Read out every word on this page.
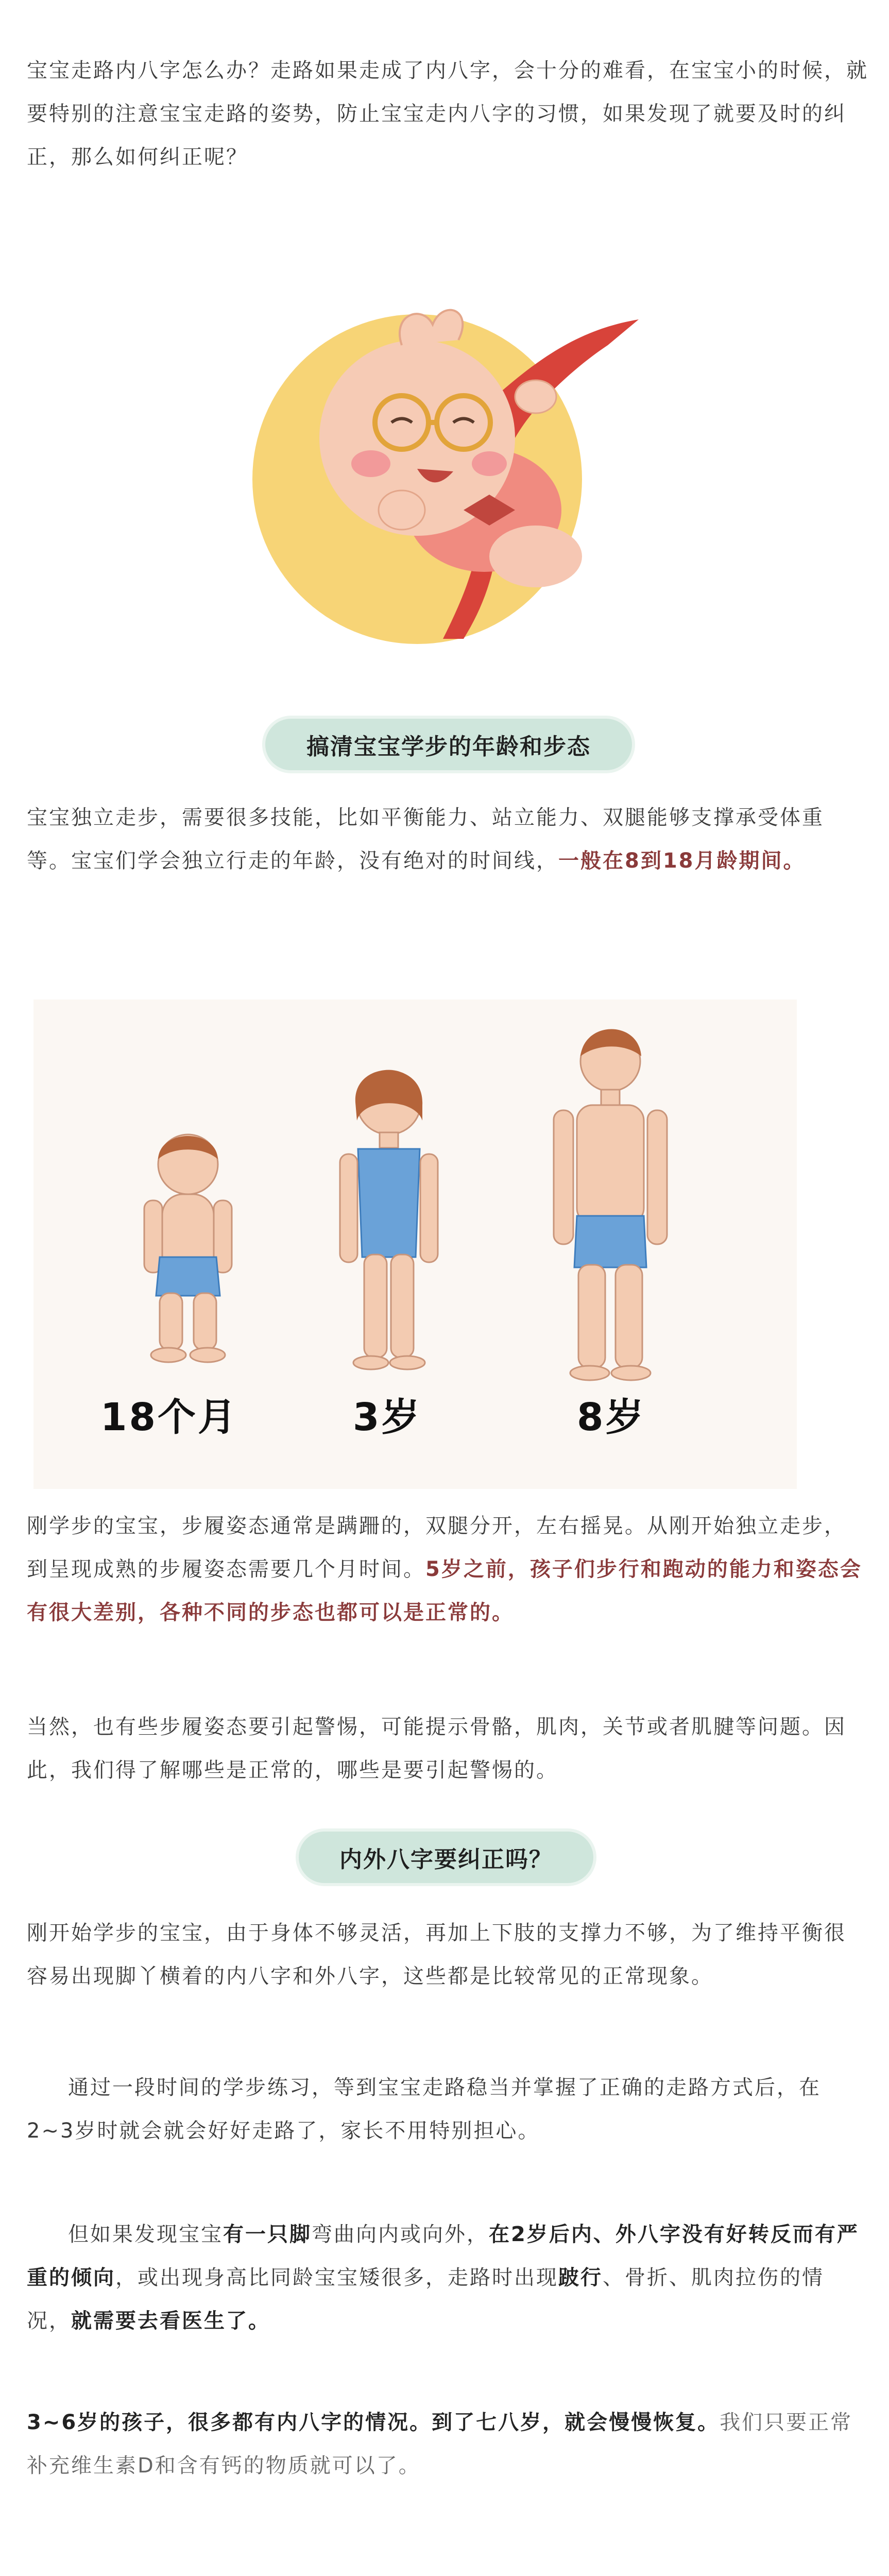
宝宝走路内八字怎么办？走路如果走成了内八字，会十分的难看，在宝宝小的时候，就要特别的注意宝宝走路的姿势，防止宝宝走内八字的习惯，如果发现了就要及时的纠正，那么如何纠正呢？

搞清宝宝学步的年龄和步态

宝宝独立走步，需要很多技能，比如平衡能力、站立能力、双腿能够支撑承受体重等。宝宝们学会独立行走的年龄，没有绝对的时间线，一般在8到18月龄期间。

18个月	3岁	8岁

刚学步的宝宝，步履姿态通常是蹒跚的，双腿分开，左右摇晃。从刚开始独立走步，到呈现成熟的步履姿态需要几个月时间。5岁之前，孩子们步行和跑动的能力和姿态会有很大差别，各种不同的步态也都可以是正常的。

当然，也有些步履姿态要引起警惕，可能提示骨骼，肌肉，关节或者肌腱等问题。因此，我们得了解哪些是正常的，哪些是要引起警惕的。

内外八字要纠正吗？

刚开始学步的宝宝，由于身体不够灵活，再加上下肢的支撑力不够，为了维持平衡很容易出现脚丫横着的内八字和外八字，这些都是比较常见的正常现象。

通过一段时间的学步练习，等到宝宝走路稳当并掌握了正确的走路方式后，在2~3岁时就会就会好好走路了，家长不用特别担心。

但如果发现宝宝有一只脚弯曲向内或向外，在2岁后内、外八字没有好转反而有严重的倾向，或出现身高比同龄宝宝矮很多，走路时出现跛行、骨折、肌肉拉伤的情况，就需要去看医生了。

3~6岁的孩子，很多都有内八字的情况。到了七八岁，就会慢慢恢复。我们只要正常补充维生素D和含有钙的物质就可以了。
